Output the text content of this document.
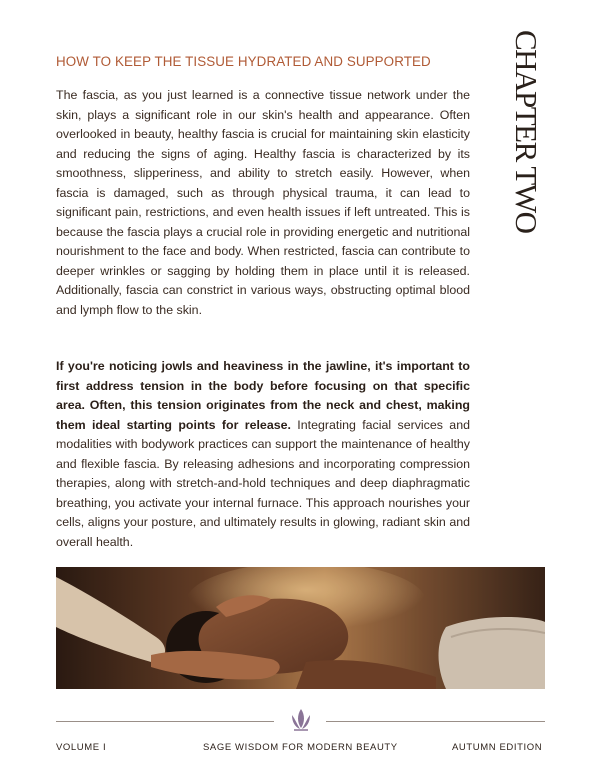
HOW TO KEEP THE TISSUE HYDRATED AND SUPPORTED	CHAPTER TWO

The fascia, as you just learned is a connective tissue network under the skin, plays a significant role in our skin's health and appearance. Often overlooked in beauty, healthy fascia is crucial for maintaining skin elasticity and reducing the signs of aging. Healthy fascia is characterized by its smoothness, slipperiness, and ability to stretch easily. However, when fascia is damaged, such as through physical trauma, it can lead to significant pain, restrictions, and even health issues if left untreated. This is because the fascia plays a crucial role in providing energetic and nutritional nourishment to the face and body. When restricted, fascia can contribute to deeper wrinkles or sagging by holding them in place until it is released. Additionally, fascia can constrict in various ways, obstructing optimal blood and lymph flow to the skin.

If you're noticing jowls and heaviness in the jawline, it's important to first address tension in the body before focusing on that specific area. Often, this tension originates from the neck and chest, making them ideal starting points for release. Integrating facial services and modalities with bodywork practices can support the maintenance of healthy and flexible fascia. By releasing adhesions and incorporating compression therapies, along with stretch-and-hold techniques and deep diaphragmatic breathing, you activate your internal furnace. This approach nourishes your cells, aligns your posture, and ultimately results in glowing, radiant skin and overall health.

VOLUME I	SAGE WISDOM FOR MODERN BEAUTY	AUTUMN EDITION
